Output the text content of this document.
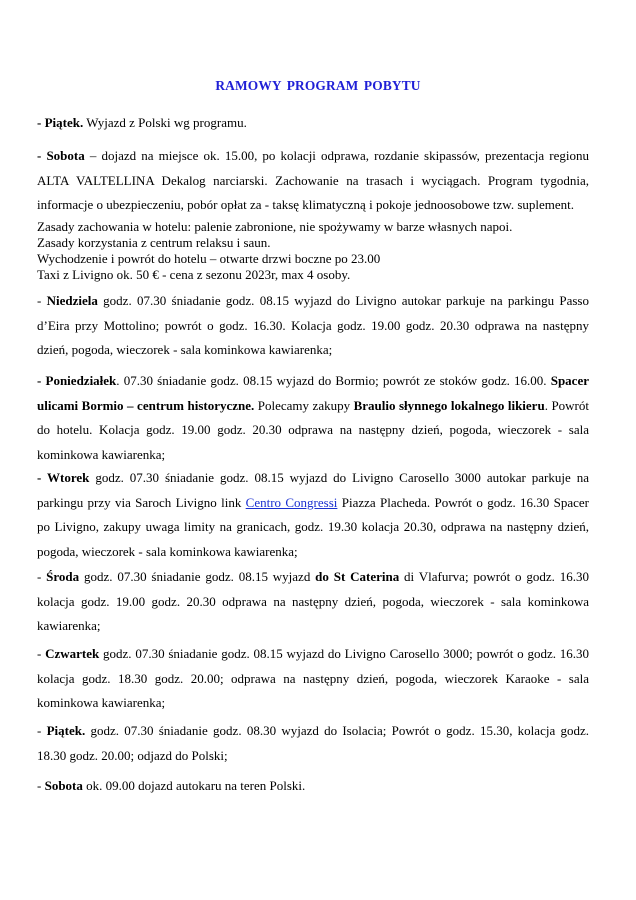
RAMOWY PROGRAM POBYTU
- Piątek. Wyjazd z Polski wg programu.
- Sobota – dojazd na miejsce ok. 15.00, po kolacji odprawa, rozdanie skipassów, prezentacja regionu ALTA VALTELLINA Dekalog narciarski. Zachowanie na trasach i wyciągach. Program tygodnia, informacje o ubezpieczeniu, pobór opłat za - taksę klimatyczną i pokoje jednoosobowe tzw. suplement.
Zasady zachowania w hotelu: palenie zabronione, nie spożywamy w barze własnych napoi.
Zasady korzystania z centrum relaksu i saun.
Wychodzenie i powrót do hotelu – otwarte drzwi boczne po 23.00
Taxi z Livigno ok. 50 € - cena z sezonu 2023r, max 4 osoby.
- Niedziela godz. 07.30 śniadanie godz. 08.15 wyjazd do Livigno autokar parkuje na parkingu Passo d’Eira przy Mottolino; powrót o godz. 16.30. Kolacja godz. 19.00 godz. 20.30 odprawa na następny dzień, pogoda, wieczorek - sala kominkowa kawiarenka;
- Poniedziałek. 07.30 śniadanie godz. 08.15 wyjazd do Bormio; powrót ze stoków godz. 16.00. Spacer ulicami Bormio – centrum historyczne. Polecamy zakupy Braulio słynnego lokalnego likieru. Powrót do hotelu. Kolacja godz. 19.00 godz. 20.30 odprawa na następny dzień, pogoda, wieczorek - sala kominkowa kawiarenka;
- Wtorek godz. 07.30 śniadanie godz. 08.15 wyjazd do Livigno Carosello 3000 autokar parkuje na parkingu przy via Saroch Livigno link Centro Congressi Piazza Placheda. Powrót o godz. 16.30 Spacer po Livigno, zakupy uwaga limity na granicach, godz. 19.30 kolacja 20.30, odprawa na następny dzień, pogoda, wieczorek - sala kominkowa kawiarenka;
- Środa godz. 07.30 śniadanie godz. 08.15 wyjazd do St Caterina di Vlafurva; powrót o godz. 16.30 kolacja godz. 19.00 godz. 20.30 odprawa na następny dzień, pogoda, wieczorek - sala kominkowa kawiarenka;
- Czwartek godz. 07.30 śniadanie godz. 08.15 wyjazd do Livigno Carosello 3000; powrót o godz. 16.30 kolacja godz. 18.30 godz. 20.00; odprawa na następny dzień, pogoda, wieczorek Karaoke - sala kominkowa kawiarenka;
- Piątek. godz. 07.30 śniadanie godz. 08.30 wyjazd do Isolacia; Powrót o godz. 15.30, kolacja godz. 18.30 godz. 20.00; odjazd do Polski;
- Sobota ok. 09.00 dojazd autokaru na teren Polski.
